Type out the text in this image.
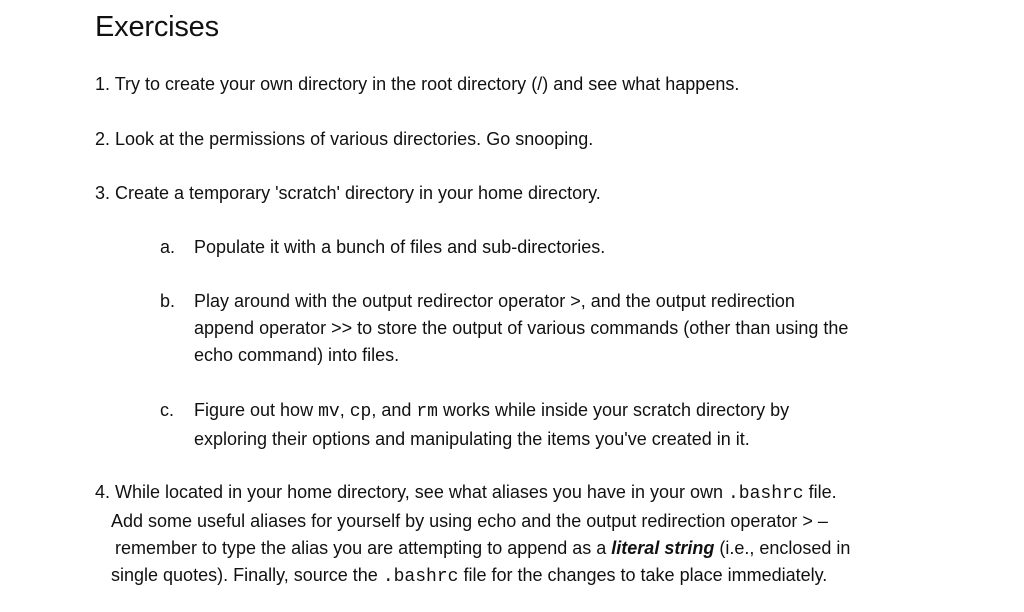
Exercises
1. Try to create your own directory in the root directory (/) and see what happens.
2. Look at the permissions of various directories. Go snooping.
3. Create a temporary 'scratch' directory in your home directory.
a.	Populate it with a bunch of files and sub-directories.
b.	Play around with the output redirector operator >, and the output redirection
append operator >> to store the output of various commands (other than using the
echo command) into files.
c.	Figure out how mv, cp, and rm works while inside your scratch directory by
exploring their options and manipulating the items you've created in it.
4. While located in your home directory, see what aliases you have in your own .bashrc file.
Add some useful aliases for yourself by using echo and the output redirection operator > –
remember to type the alias you are attempting to append as a literal string (i.e., enclosed in
single quotes). Finally, source the .bashrc file for the changes to take place immediately.
